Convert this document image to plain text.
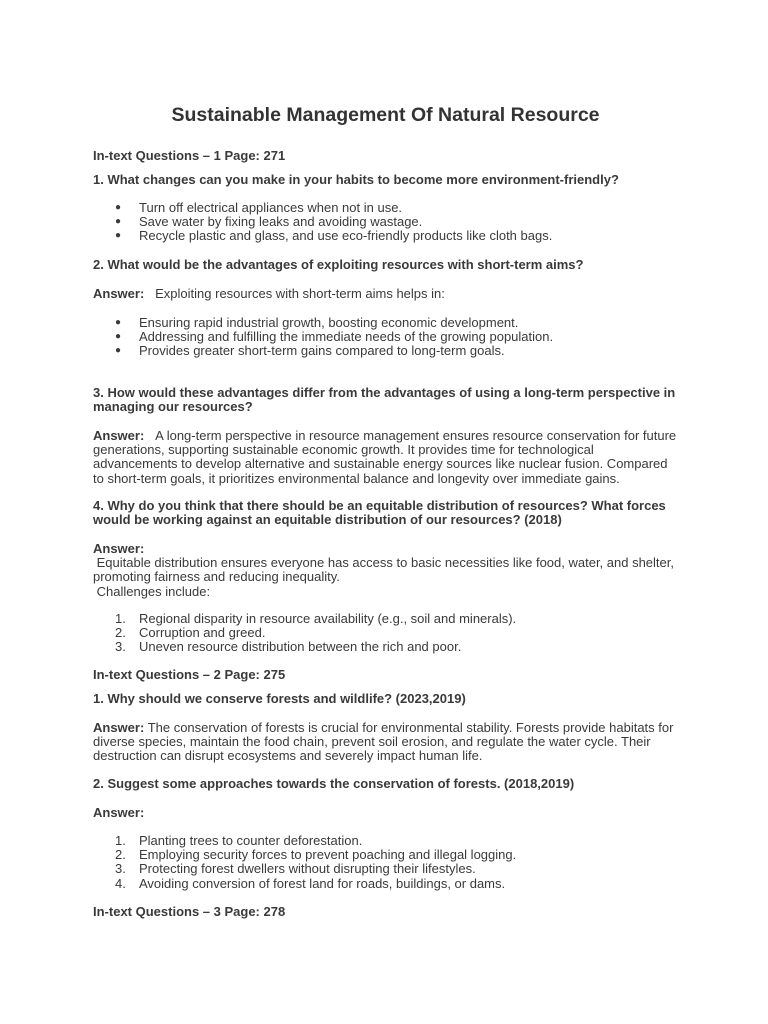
Sustainable Management Of Natural Resource
In-text Questions – 1 Page: 271
1. What changes can you make in your habits to become more environment-friendly?
● Turn off electrical appliances when not in use.
● Save water by fixing leaks and avoiding wastage.
● Recycle plastic and glass, and use eco-friendly products like cloth bags.
2. What would be the advantages of exploiting resources with short-term aims?
Answer: Exploiting resources with short-term aims helps in:
● Ensuring rapid industrial growth, boosting economic development.
● Addressing and fulfilling the immediate needs of the growing population.
● Provides greater short-term gains compared to long-term goals.
3. How would these advantages differ from the advantages of using a long-term perspective in
managing our resources?
Answer: A long-term perspective in resource management ensures resource conservation for future
generations, supporting sustainable economic growth. It provides time for technological
advancements to develop alternative and sustainable energy sources like nuclear fusion. Compared
to short-term goals, it prioritizes environmental balance and longevity over immediate gains.
4. Why do you think that there should be an equitable distribution of resources? What forces
would be working against an equitable distribution of our resources? (2018)
Answer:
Equitable distribution ensures everyone has access to basic necessities like food, water, and shelter,
promoting fairness and reducing inequality.
Challenges include:
1. Regional disparity in resource availability (e.g., soil and minerals).
2. Corruption and greed.
3. Uneven resource distribution between the rich and poor.
In-text Questions – 2 Page: 275
1. Why should we conserve forests and wildlife? (2023,2019)
Answer: The conservation of forests is crucial for environmental stability. Forests provide habitats for
diverse species, maintain the food chain, prevent soil erosion, and regulate the water cycle. Their
destruction can disrupt ecosystems and severely impact human life.
2. Suggest some approaches towards the conservation of forests. (2018,2019)
Answer:
1. Planting trees to counter deforestation.
2. Employing security forces to prevent poaching and illegal logging.
3. Protecting forest dwellers without disrupting their lifestyles.
4. Avoiding conversion of forest land for roads, buildings, or dams.
In-text Questions – 3 Page: 278
